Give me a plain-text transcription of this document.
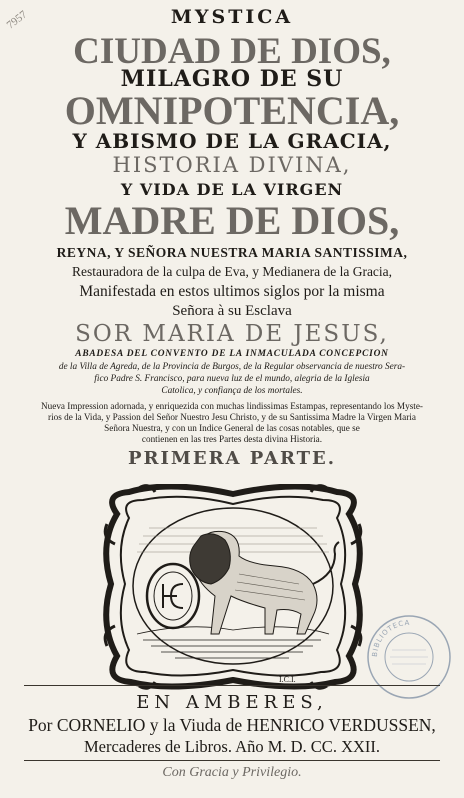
7957	MYSTICA
CIUDAD DE DIOS,
MILAGRO DE SU
OMNIPOTENCIA,
Y ABISMO DE LA GRACIA,
HISTORIA DIVINA,
Y VIDA DE LA VIRGEN
MADRE DE DIOS,
REYNA, Y SEÑORA NUESTRA MARIA SANTISSIMA,
Restauradora de la culpa de Eva, y Medianera de la Gracia,
Manifestada en estos ultimos siglos por la misma
Señora à su Esclava
SOR MARIA DE JESUS,
ABADESA DEL CONVENTO DE LA INMACULADA CONCEPCION
de la Villa de Agreda, de la Provincia de Burgos, de la Regular observancia de nuestro Sera-
fico Padre S. Francisco, para nueva luz de el mundo, alegria de la Iglesia
Catolica, y confiança de los mortales.
Nueva Impression adornada, y enriquezida con muchas lindissimas Estampas, representando los Myste-
rios de la Vida, y Passion del Señor Nuestro Jesu Christo, y de su Santissima Madre la Virgen Maria
Señora Nuestra, y con un Indice General de las cosas notables, que se
contienen en las tres Partes desta divina Historia.
PRIMERA PARTE.
I.C.I.
BIBLIOTECA
EN AMBERES,
Por CORNELIO y la Viuda de HENRICO VERDUSSEN,
Mercaderes de Libros. Año M. D. CC. XXII.
Con Gracia y Privilegio.
